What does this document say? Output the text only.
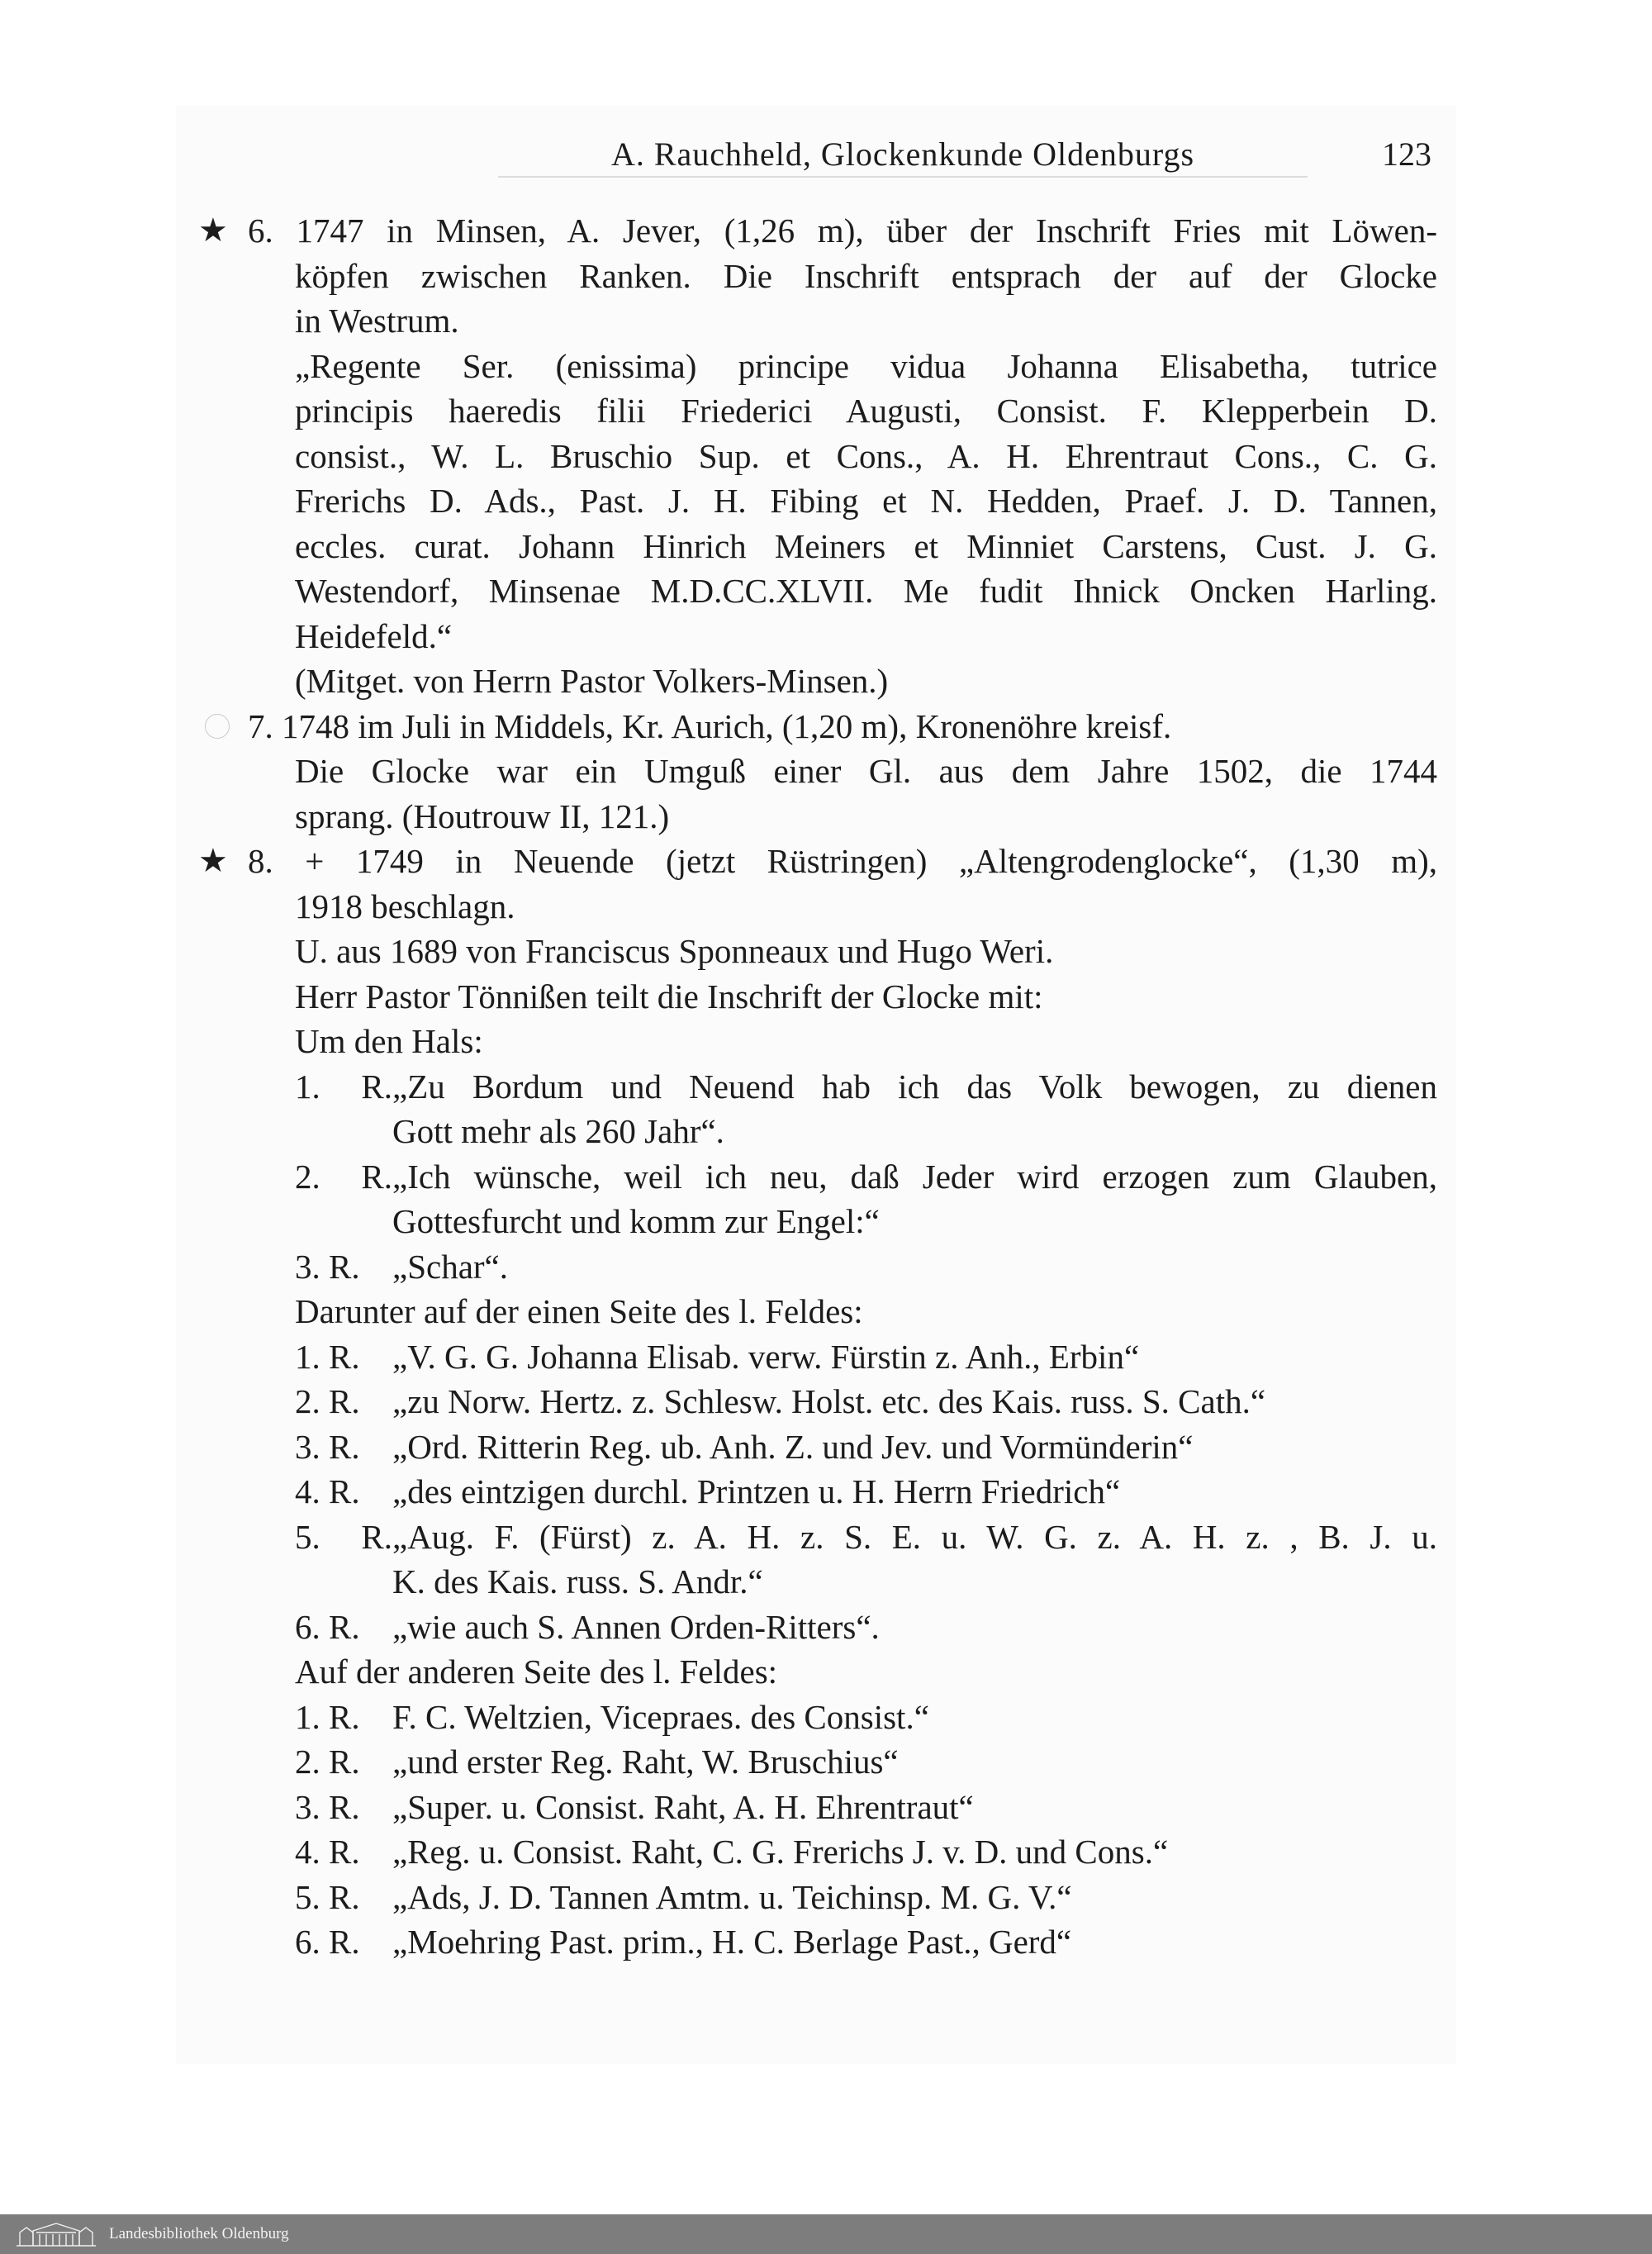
A. Rauchheld, Glockenkunde Oldenburgs	123
★ 6. 1747 in Minsen, A. Jever, (1,26 m), über der Inschrift Fries mit Löwen-
köpfen zwischen Ranken. Die Inschrift entsprach der auf der Glocke
in Westrum.
„Regente Ser. (enissima) principe vidua Johanna Elisabetha, tutrice
principis haeredis filii Friederici Augusti, Consist. F. Klepperbein D.
consist., W. L. Bruschio Sup. et Cons., A. H. Ehrentraut Cons., C. G.
Frerichs D. Ads., Past. J. H. Fibing et N. Hedden, Praef. J. D. Tannen,
eccles. curat. Johann Hinrich Meiners et Minniet Carstens, Cust. J. G.
Westendorf, Minsenae M.D.CC.XLVII. Me fudit Ihnick Oncken Harling.
Heidefeld.“
(Mitget. von Herrn Pastor Volkers-Minsen.)
7. 1748 im Juli in Middels, Kr. Aurich, (1,20 m), Kronenöhre kreisf.
Die Glocke war ein Umguß einer Gl. aus dem Jahre 1502, die 1744
sprang. (Houtrouw II, 121.)
★ 8. + 1749 in Neuende (jetzt Rüstringen) „Altengrodenglocke“, (1,30 m),
1918 beschlagn.
U. aus 1689 von Franciscus Sponneaux und Hugo Weri.
Herr Pastor Tönnißen teilt die Inschrift der Glocke mit:
Um den Hals:
1. R.„Zu Bordum und Neuend hab ich das Volk bewogen, zu dienen
Gott mehr als 260 Jahr“.
2. R.„Ich wünsche, weil ich neu, daß Jeder wird erzogen zum Glauben,
Gottesfurcht und komm zur Engel:“
3. R. „Schar“.
Darunter auf der einen Seite des l. Feldes:
1. R. „V. G. G. Johanna Elisab. verw. Fürstin z. Anh., Erbin“
2. R. „zu Norw. Hertz. z. Schlesw. Holst. etc. des Kais. russ. S. Cath.“
3. R. „Ord. Ritterin Reg. ub. Anh. Z. und Jev. und Vormünderin“
4. R. „des eintzigen durchl. Printzen u. H. Herrn Friedrich“
5. R.„Aug. F. (Fürst) z. A. H. z. S. E. u. W. G. z. A. H. z. , B. J. u.
K. des Kais. russ. S. Andr.“
6. R. „wie auch S. Annen Orden-Ritters“.
Auf der anderen Seite des l. Feldes:
1. R. F. C. Weltzien, Vicepraes. des Consist.“
2. R. „und erster Reg. Raht, W. Bruschius“
3. R. „Super. u. Consist. Raht, A. H. Ehrentraut“
4. R. „Reg. u. Consist. Raht, C. G. Frerichs J. v. D. und Cons.“
5. R. „Ads, J. D. Tannen Amtm. u. Teichinsp. M. G. V.“
6. R. „Moehring Past. prim., H. C. Berlage Past., Gerd“
Landesbibliothek Oldenburg
